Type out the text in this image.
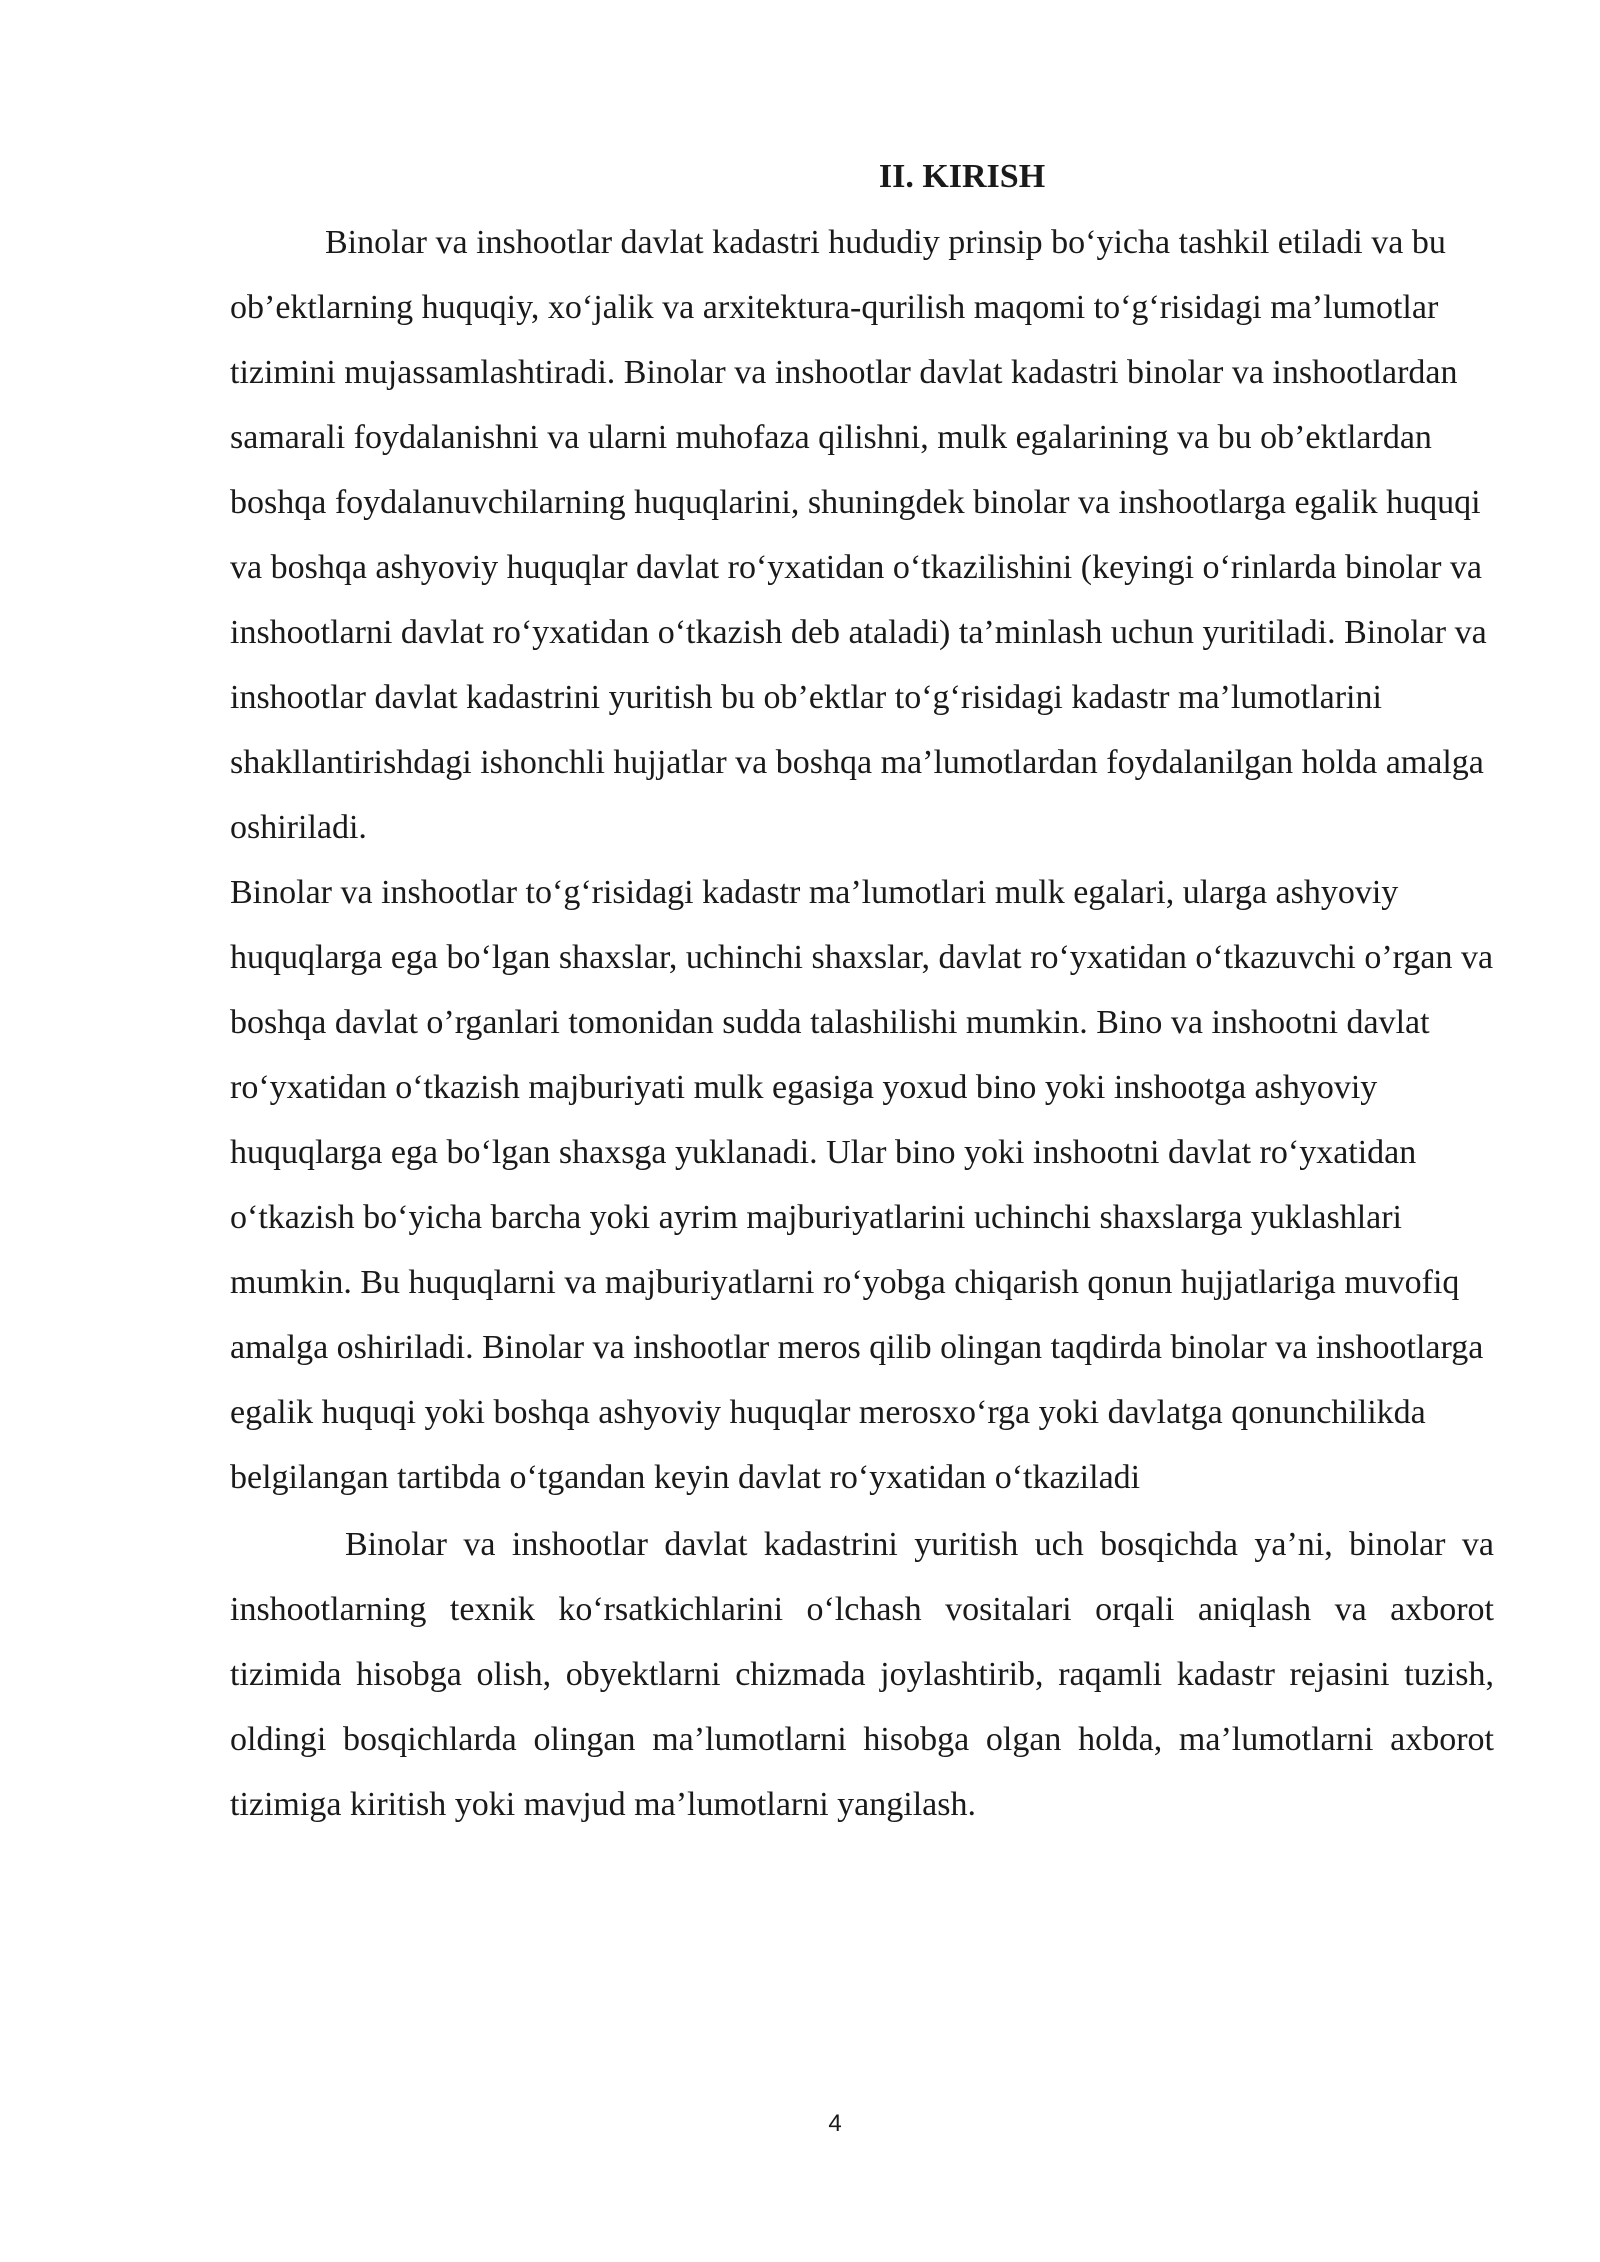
II. KIRISH

Binolar va inshootlar davlat kadastri hududiy prinsip bo‘yicha tashkil etiladi va bu ob’ektlarning huquqiy, xo‘jalik va arxitektura-qurilish maqomi to‘g‘risidagi ma’lumotlar tizimini mujassamlashtiradi. Binolar va inshootlar davlat kadastri binolar va inshootlardan samarali foydalanishni va ularni muhofaza qilishni, mulk egalarining va bu ob’ektlardan boshqa foydalanuvchilarning huquqlarini, shuningdek binolar va inshootlarga egalik huquqi va boshqa ashyoviy huquqlar davlat ro‘yxatidan o‘tkazilishini (keyingi o‘rinlarda binolar va inshootlarni davlat ro‘yxatidan o‘tkazish deb ataladi) ta’minlash uchun yuritiladi. Binolar va inshootlar davlat kadastrini yuritish bu ob’ektlar to‘g‘risidagi kadastr ma’lumotlarini shakllantirishdagi ishonchli hujjatlar va boshqa ma’lumotlardan foydalanilgan holda amalga oshiriladi.

Binolar va inshootlar to‘g‘risidagi kadastr ma’lumotlari mulk egalari, ularga ashyoviy huquqlarga ega bo‘lgan shaxslar, uchinchi shaxslar, davlat ro‘yxatidan o‘tkazuvchi o’rgan va boshqa davlat o’rganlari tomonidan sudda talashilishi mumkin. Bino va inshootni davlat ro‘yxatidan o‘tkazish majburiyati mulk egasiga yoxud bino yoki inshootga ashyoviy huquqlarga ega bo‘lgan shaxsga yuklanadi. Ular bino yoki inshootni davlat ro‘yxatidan o‘tkazish bo‘yicha barcha yoki ayrim majburiyatlarini uchinchi shaxslarga yuklashlari mumkin. Bu huquqlarni va majburiyatlarni ro‘yobga chiqarish qonun hujjatlariga muvofiq amalga oshiriladi. Binolar va inshootlar meros qilib olingan taqdirda binolar va inshootlarga egalik huquqi yoki boshqa ashyoviy huquqlar merosxo‘rga yoki davlatga qonunchilikda belgilangan tartibda o‘tgandan keyin davlat ro‘yxatidan o‘tkaziladi

Binolar va inshootlar davlat kadastrini yuritish uch bosqichda ya’ni, binolar va inshootlarning texnik ko‘rsatkichlarini o‘lchash vositalari orqali aniqlash va axborot tizimida hisobga olish, obyektlarni chizmada joylashtirib, raqamli kadastr rejasini tuzish, oldingi bosqichlarda olingan ma’lumotlarni hisobga olgan holda, ma’lumotlarni axborot tizimiga kiritish yoki mavjud ma’lumotlarni yangilash.

4
